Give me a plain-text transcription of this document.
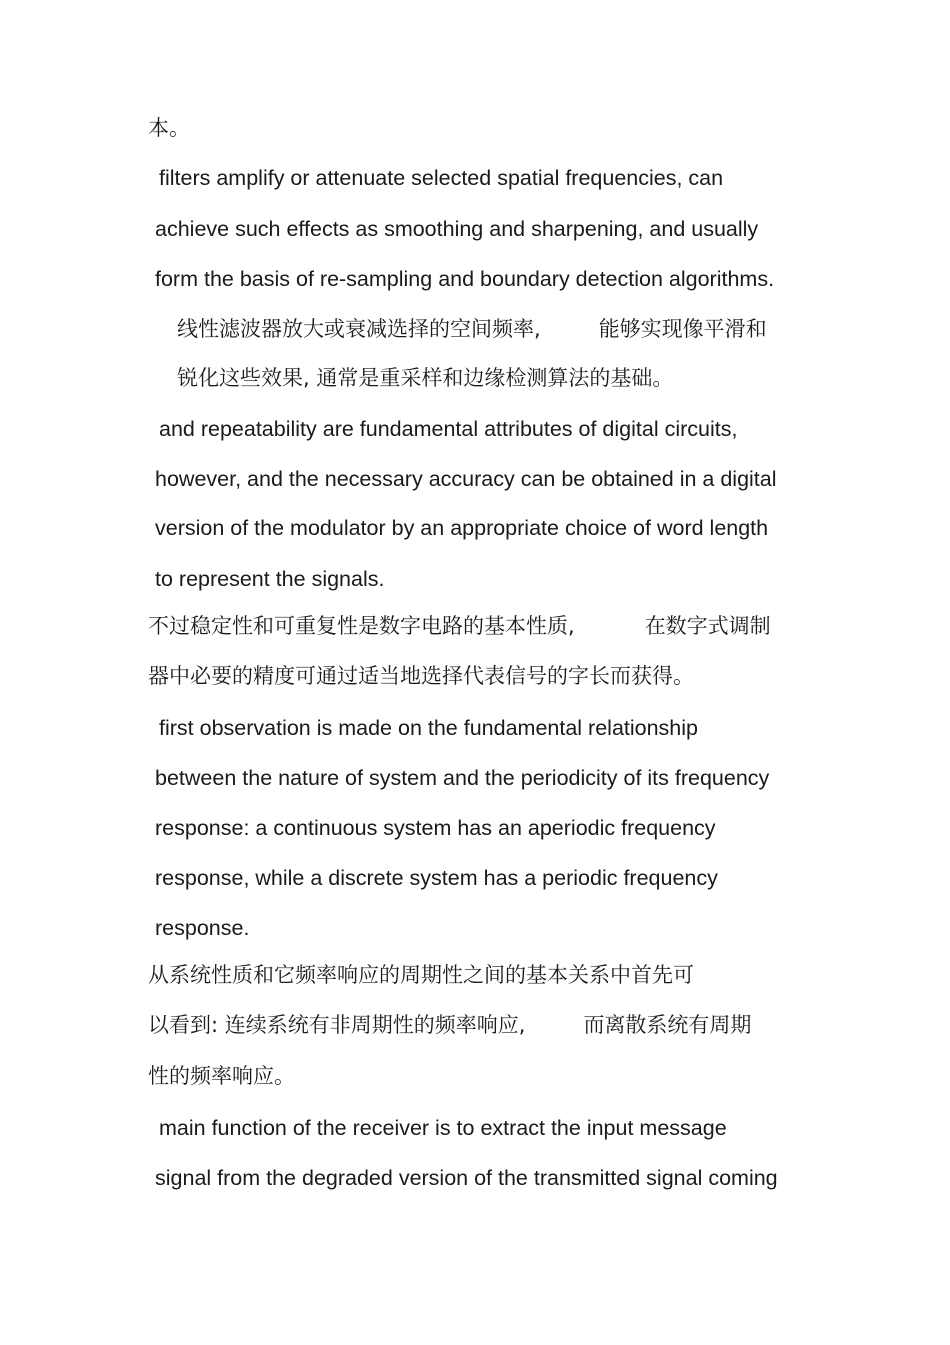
本。
filters amplify or attenuate selected spatial frequencies, can
achieve such effects as smoothing and sharpening, and usually
form the basis of re-sampling and boundary detection algorithms.
线性滤波器放大或衰减选择的空间频率,	能够实现像平滑和
锐化这些效果, 通常是重采样和边缘检测算法的基础。
and repeatability are fundamental attributes of digital circuits,
however, and the necessary accuracy can be obtained in a digital
version of the modulator by an appropriate choice of word length
to represent the signals.
不过稳定性和可重复性是数字电路的基本性质,	在数字式调制
器中必要的精度可通过适当地选择代表信号的字长而获得。
first observation is made on the fundamental relationship
between the nature of system and the periodicity of its frequency
response: a continuous system has an aperiodic frequency
response, while a discrete system has a periodic frequency
response.
从系统性质和它频率响应的周期性之间的基本关系中首先可
以看到: 连续系统有非周期性的频率响应,	而离散系统有周期
性的频率响应。
main function of the receiver is to extract the input message
signal from the degraded version of the transmitted signal coming
